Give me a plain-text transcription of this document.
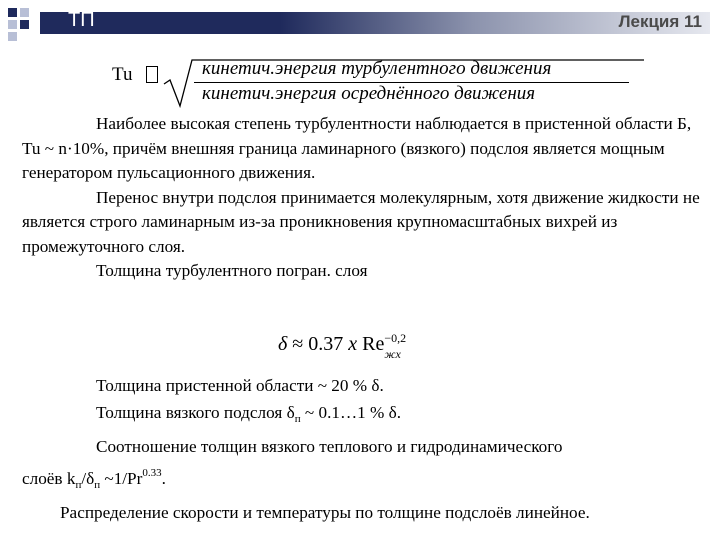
ТП	Лекция 11
Tu	кинетич.энергия турбулентного движения
кинетич.энергия осреднённого движения

Наиболее высокая степень турбулентности наблюдается в пристенной области Б, Tu ~ n·10%, причём внешняя граница ламинарного (вязкого) подслоя является мощным генератором пульсационного движения.

Перенос внутри подслоя принимается молекулярным, хотя движение жидкости не является строго ламинарным из-за проникновения крупномасштабных вихрей из промежуточного слоя.

Толщина турбулентного погран. слоя

δ ≈ 0.37 x Re −0,2
жх

Толщина пристенной области ~ 20 % δ.

Толщина вязкого подслоя $\delta_п$ ~ 0.1…1 % δ.

Соотношение толщин вязкого теплового и гидродинамического

слоёв $k_п/\delta_п$ $\sim 1/Pr^{0.33}$.

Распределение скорости и температуры по толщине подслоёв линейное.
